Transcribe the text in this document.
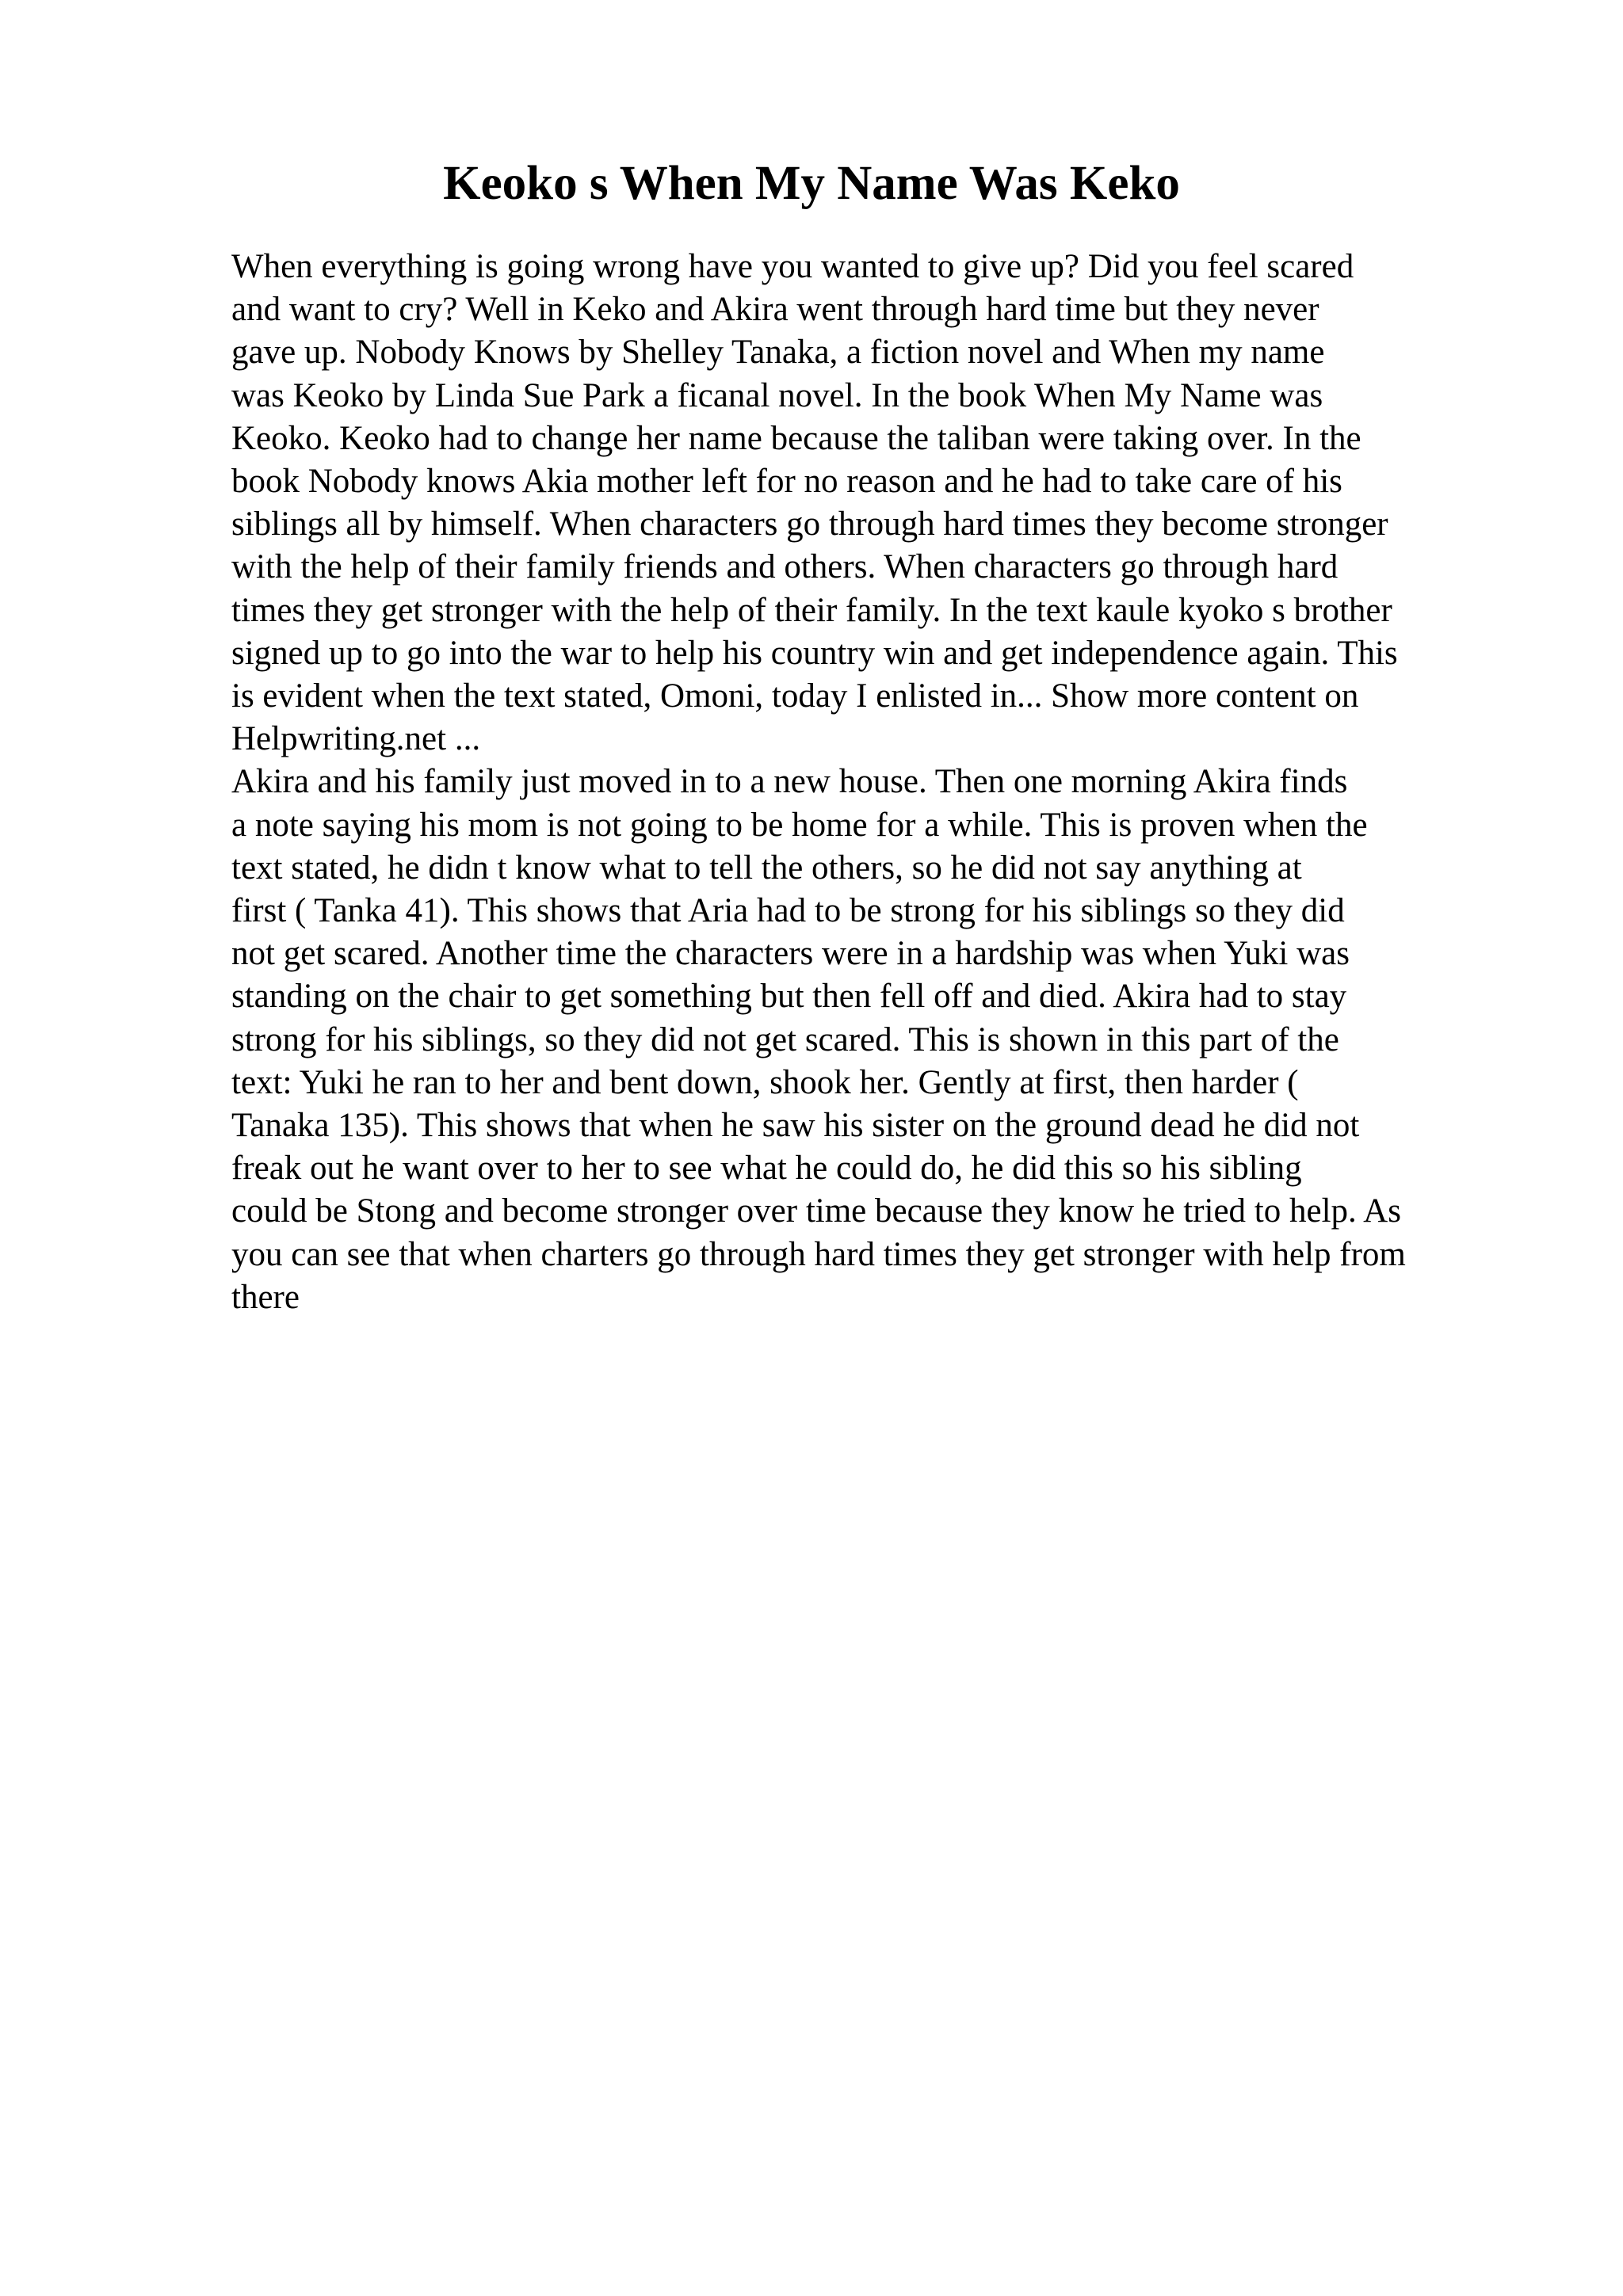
Keoko s When My Name Was Keko
When everything is going wrong have you wanted to give up? Did you feel scared
and want to cry? Well in Keko and Akira went through hard time but they never
gave up. Nobody Knows by Shelley Tanaka, a fiction novel and When my name
was Keoko by Linda Sue Park a ficanal novel. In the book When My Name was
Keoko. Keoko had to change her name because the taliban were taking over. In the
book Nobody knows Akia mother left for no reason and he had to take care of his
siblings all by himself. When characters go through hard times they become stronger
with the help of their family friends and others. When characters go through hard
times they get stronger with the help of their family. In the text kaule kyoko s brother
signed up to go into the war to help his country win and get independence again. This
is evident when the text stated, Omoni, today I enlisted in... Show more content on
Helpwriting.net ...
Akira and his family just moved in to a new house. Then one morning Akira finds
a note saying his mom is not going to be home for a while. This is proven when the
text stated, he didn t know what to tell the others, so he did not say anything at
first ( Tanka 41). This shows that Aria had to be strong for his siblings so they did
not get scared. Another time the characters were in a hardship was when Yuki was
standing on the chair to get something but then fell off and died. Akira had to stay
strong for his siblings, so they did not get scared. This is shown in this part of the
text: Yuki he ran to her and bent down, shook her. Gently at first, then harder (
Tanaka 135). This shows that when he saw his sister on the ground dead he did not
freak out he want over to her to see what he could do, he did this so his sibling
could be Stong and become stronger over time because they know he tried to help. As
you can see that when charters go through hard times they get stronger with help from
there
